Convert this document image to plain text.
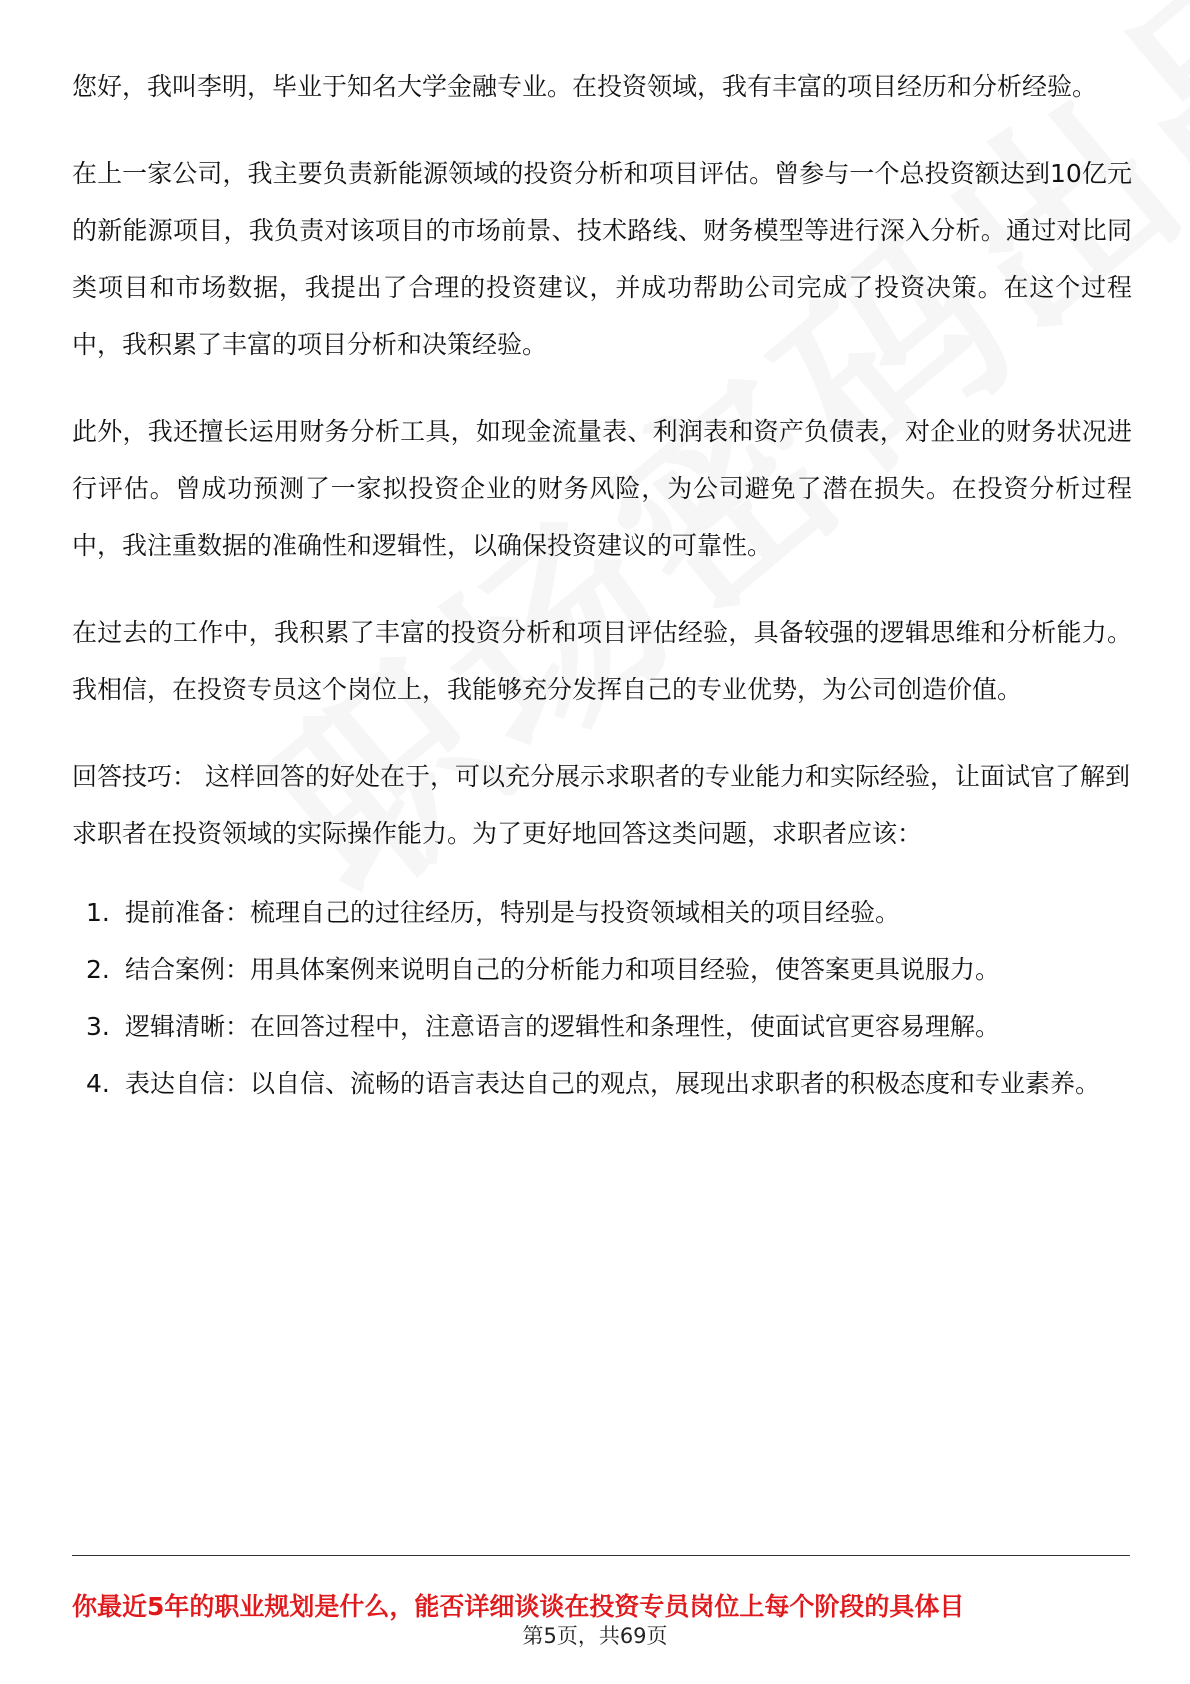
您好，我叫李明，毕业于知名大学金融专业。在投资领域，我有丰富的项目经历和分析经验。

在上一家公司，我主要负责新能源领域的投资分析和项目评估。曾参与一个总投资额达到10亿元的新能源项目，我负责对该项目的市场前景、技术路线、财务模型等进行深入分析。通过对比同类项目和市场数据，我提出了合理的投资建议，并成功帮助公司完成了投资决策。在这个过程中，我积累了丰富的项目分析和决策经验。

此外，我还擅长运用财务分析工具，如现金流量表、利润表和资产负债表，对企业的财务状况进行评估。曾成功预测了一家拟投资企业的财务风险，为公司避免了潜在损失。在投资分析过程中，我注重数据的准确性和逻辑性，以确保投资建议的可靠性。

在过去的工作中，我积累了丰富的投资分析和项目评估经验，具备较强的逻辑思维和分析能力。我相信，在投资专员这个岗位上，我能够充分发挥自己的专业优势，为公司创造价值。

回答技巧： 这样回答的好处在于，可以充分展示求职者的专业能力和实际经验，让面试官了解到求职者在投资领域的实际操作能力。为了更好地回答这类问题，求职者应该：

1. 提前准备：梳理自己的过往经历，特别是与投资领域相关的项目经验。
2. 结合案例：用具体案例来说明自己的分析能力和项目经验，使答案更具说服力。
3. 逻辑清晰：在回答过程中，注意语言的逻辑性和条理性，使面试官更容易理解。
4. 表达自信：以自信、流畅的语言表达自己的观点，展现出求职者的积极态度和专业素养。
你最近5年的职业规划是什么，能否详细谈谈在投资专员岗位上每个阶段的具体目
第5页，共69页
